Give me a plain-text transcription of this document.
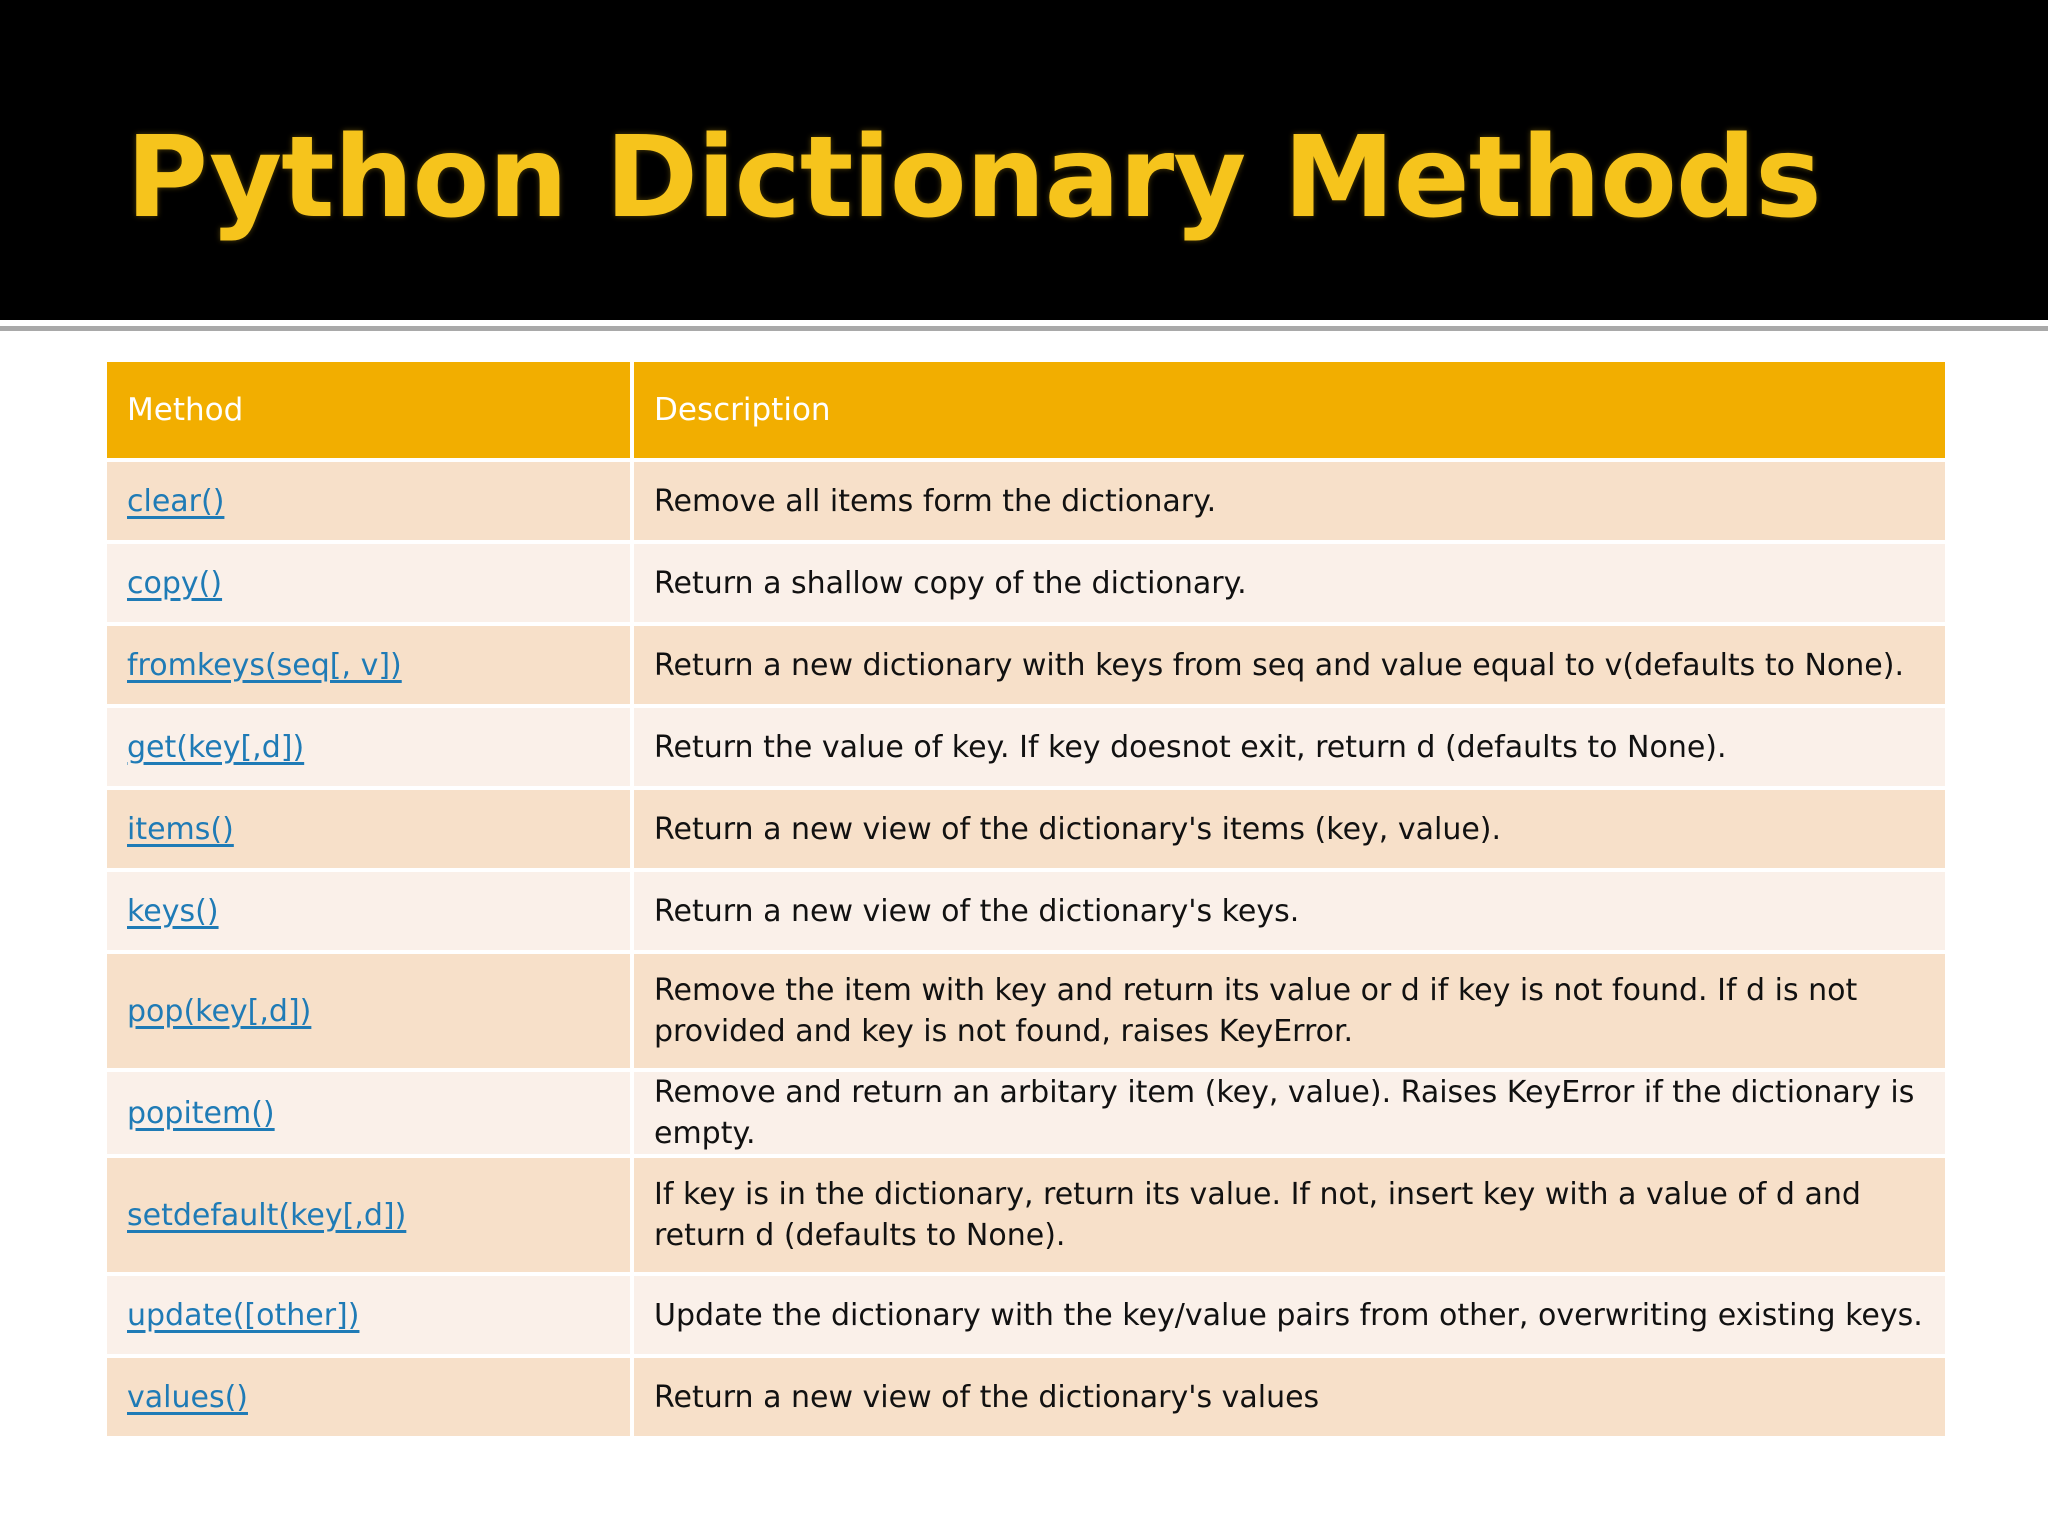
Python Dictionary Methods
Method	Description
clear()	Remove all items form the dictionary.
copy()	Return a shallow copy of the dictionary.
fromkeys(seq[, v])	Return a new dictionary with keys from seq and value equal to v(defaults to None).
get(key[,d])	Return the value of key. If key doesnot exit, return d (defaults to None).
items()	Return a new view of the dictionary's items (key, value).
keys()	Return a new view of the dictionary's keys.
pop(key[,d])	Remove the item with key and return its value or d if key is not found. If d is not provided and key is not found, raises KeyError.
popitem()	Remove and return an arbitary item (key, value). Raises KeyError if the dictionary is empty.
setdefault(key[,d])	If key is in the dictionary, return its value. If not, insert key with a value of d and return d (defaults to None).
update([other])	Update the dictionary with the key/value pairs from other, overwriting existing keys.
values()	Return a new view of the dictionary's values
